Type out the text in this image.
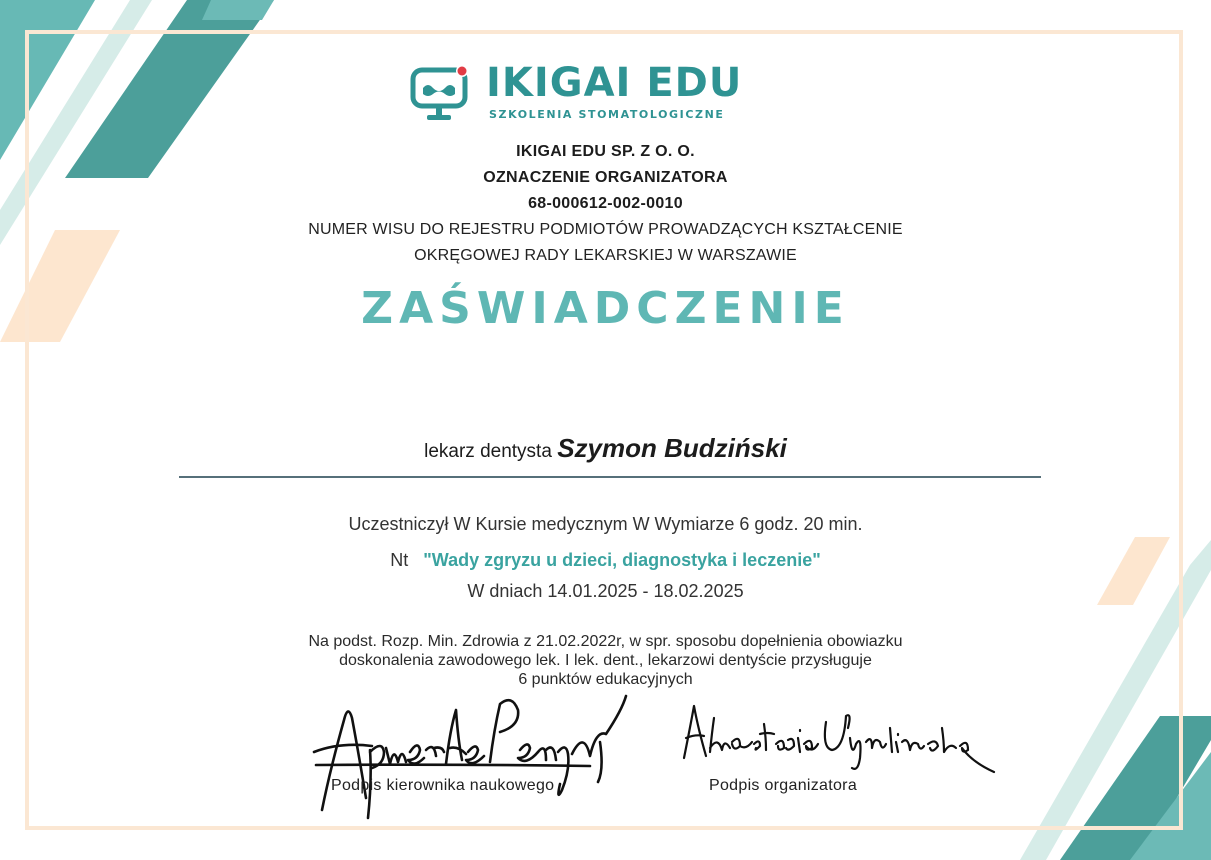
IKIGAI EDU
SZKOLENIA STOMATOLOGICZNE
IKIGAI EDU SP. Z O. O.
OZNACZENIE ORGANIZATORA
68-000612-002-0010
NUMER WISU DO REJESTRU PODMIOTÓW PROWADZĄCYCH KSZTAŁCENIE
OKRĘGOWEJ RADY LEKARSKIEJ W WARSZAWIE
ZAŚWIADCZENIE
lekarz dentysta Szymon Budziński
Uczestniczył W Kursie medycznym W Wymiarze 6 godz. 20 min.
Nt "Wady zgryzu u dzieci, diagnostyka i leczenie"
W dniach 14.01.2025 - 18.02.2025
Na podst. Rozp. Min. Zdrowia z 21.02.2022r, w spr. sposobu dopełnienia obowiazku
doskonalenia zawodowego lek. I lek. dent., lekarzowi dentyście przysługuje
6 punktów edukacyjnych
Podpis kierownika naukowego	Podpis organizatora
